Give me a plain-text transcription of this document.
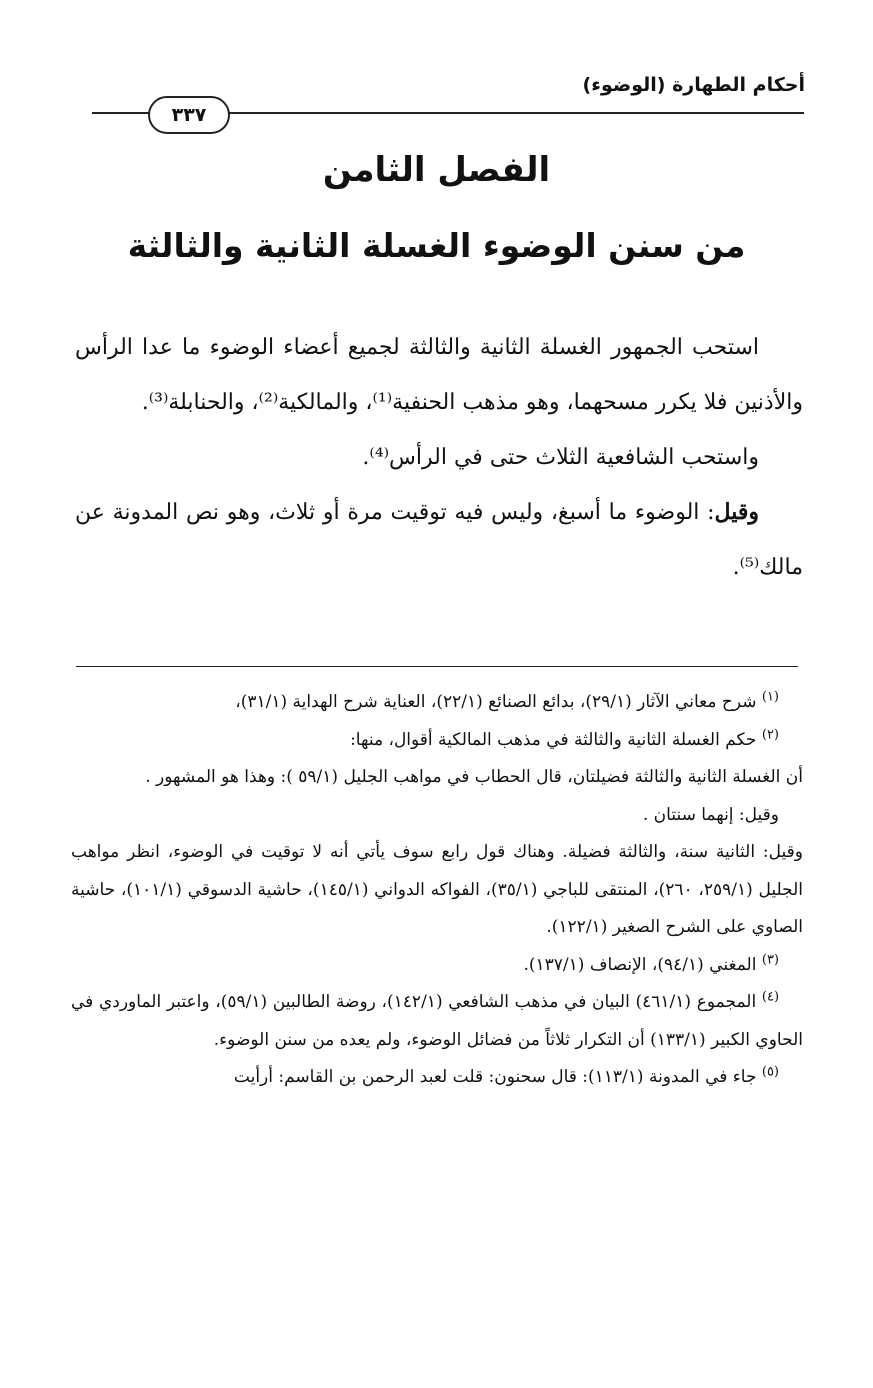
أحكام الطهارة (الوضوء)
٣٣٧
الفصل الثامن
من سنن الوضوء الغسلة الثانية والثالثة

استحب الجمهور الغسلة الثانية والثالثة لجميع أعضاء الوضوء ما عدا الرأس والأذنين فلا يكرر مسحهما، وهو مذهب الحنفية⁽¹⁾، والمالكية⁽²⁾، والحنابلة⁽³⁾.

واستحب الشافعية الثلاث حتى في الرأس⁽⁴⁾.

وقيل: الوضوء ما أسبغ، وليس فيه توقيت مرة أو ثلاث، وهو نص المدونة عن مالك⁽⁵⁾.

$^{(١)}$ شرح معاني الآثار (٢٩/١)، بدائع الصنائع (٢٢/١)، العناية شرح الهداية (٣١/١)،

$^{(٢)}$ حكم الغسلة الثانية والثالثة في مذهب المالكية أقوال، منها:

أن الغسلة الثانية والثالثة فضيلتان، قال الحطاب في مواهب الجليل (٥٩/١ ): وهذا هو المشهور .

وقيل: إنهما سنتان .

وقيل: الثانية سنة، والثالثة فضيلة. وهناك قول رابع سوف يأتي أنه لا توقيت في الوضوء، انظر مواهب الجليل (٢٥٩/١، ٢٦٠)، المنتقى للباجي (٣٥/١)، الفواكه الدواني (١٤٥/١)، حاشية الدسوقي (١٠١/١)، حاشية الصاوي على الشرح الصغير (١٢٢/١).

$^{(٣)}$ المغني (٩٤/١)، الإنصاف (١٣٧/١).

$^{(٤)}$ المجموع (٤٦١/١) البيان في مذهب الشافعي (١٤٢/١)، روضة الطالبين (٥٩/١)، واعتبر الماوردي في الحاوي الكبير (١٣٣/١) أن التكرار ثلاثاً من فضائل الوضوء، ولم يعده من سنن الوضوء.

$^{(٥)}$ جاء في المدونة (١١٣/١): قال سحنون: قلت لعبد الرحمن بن القاسم: أرأيت
